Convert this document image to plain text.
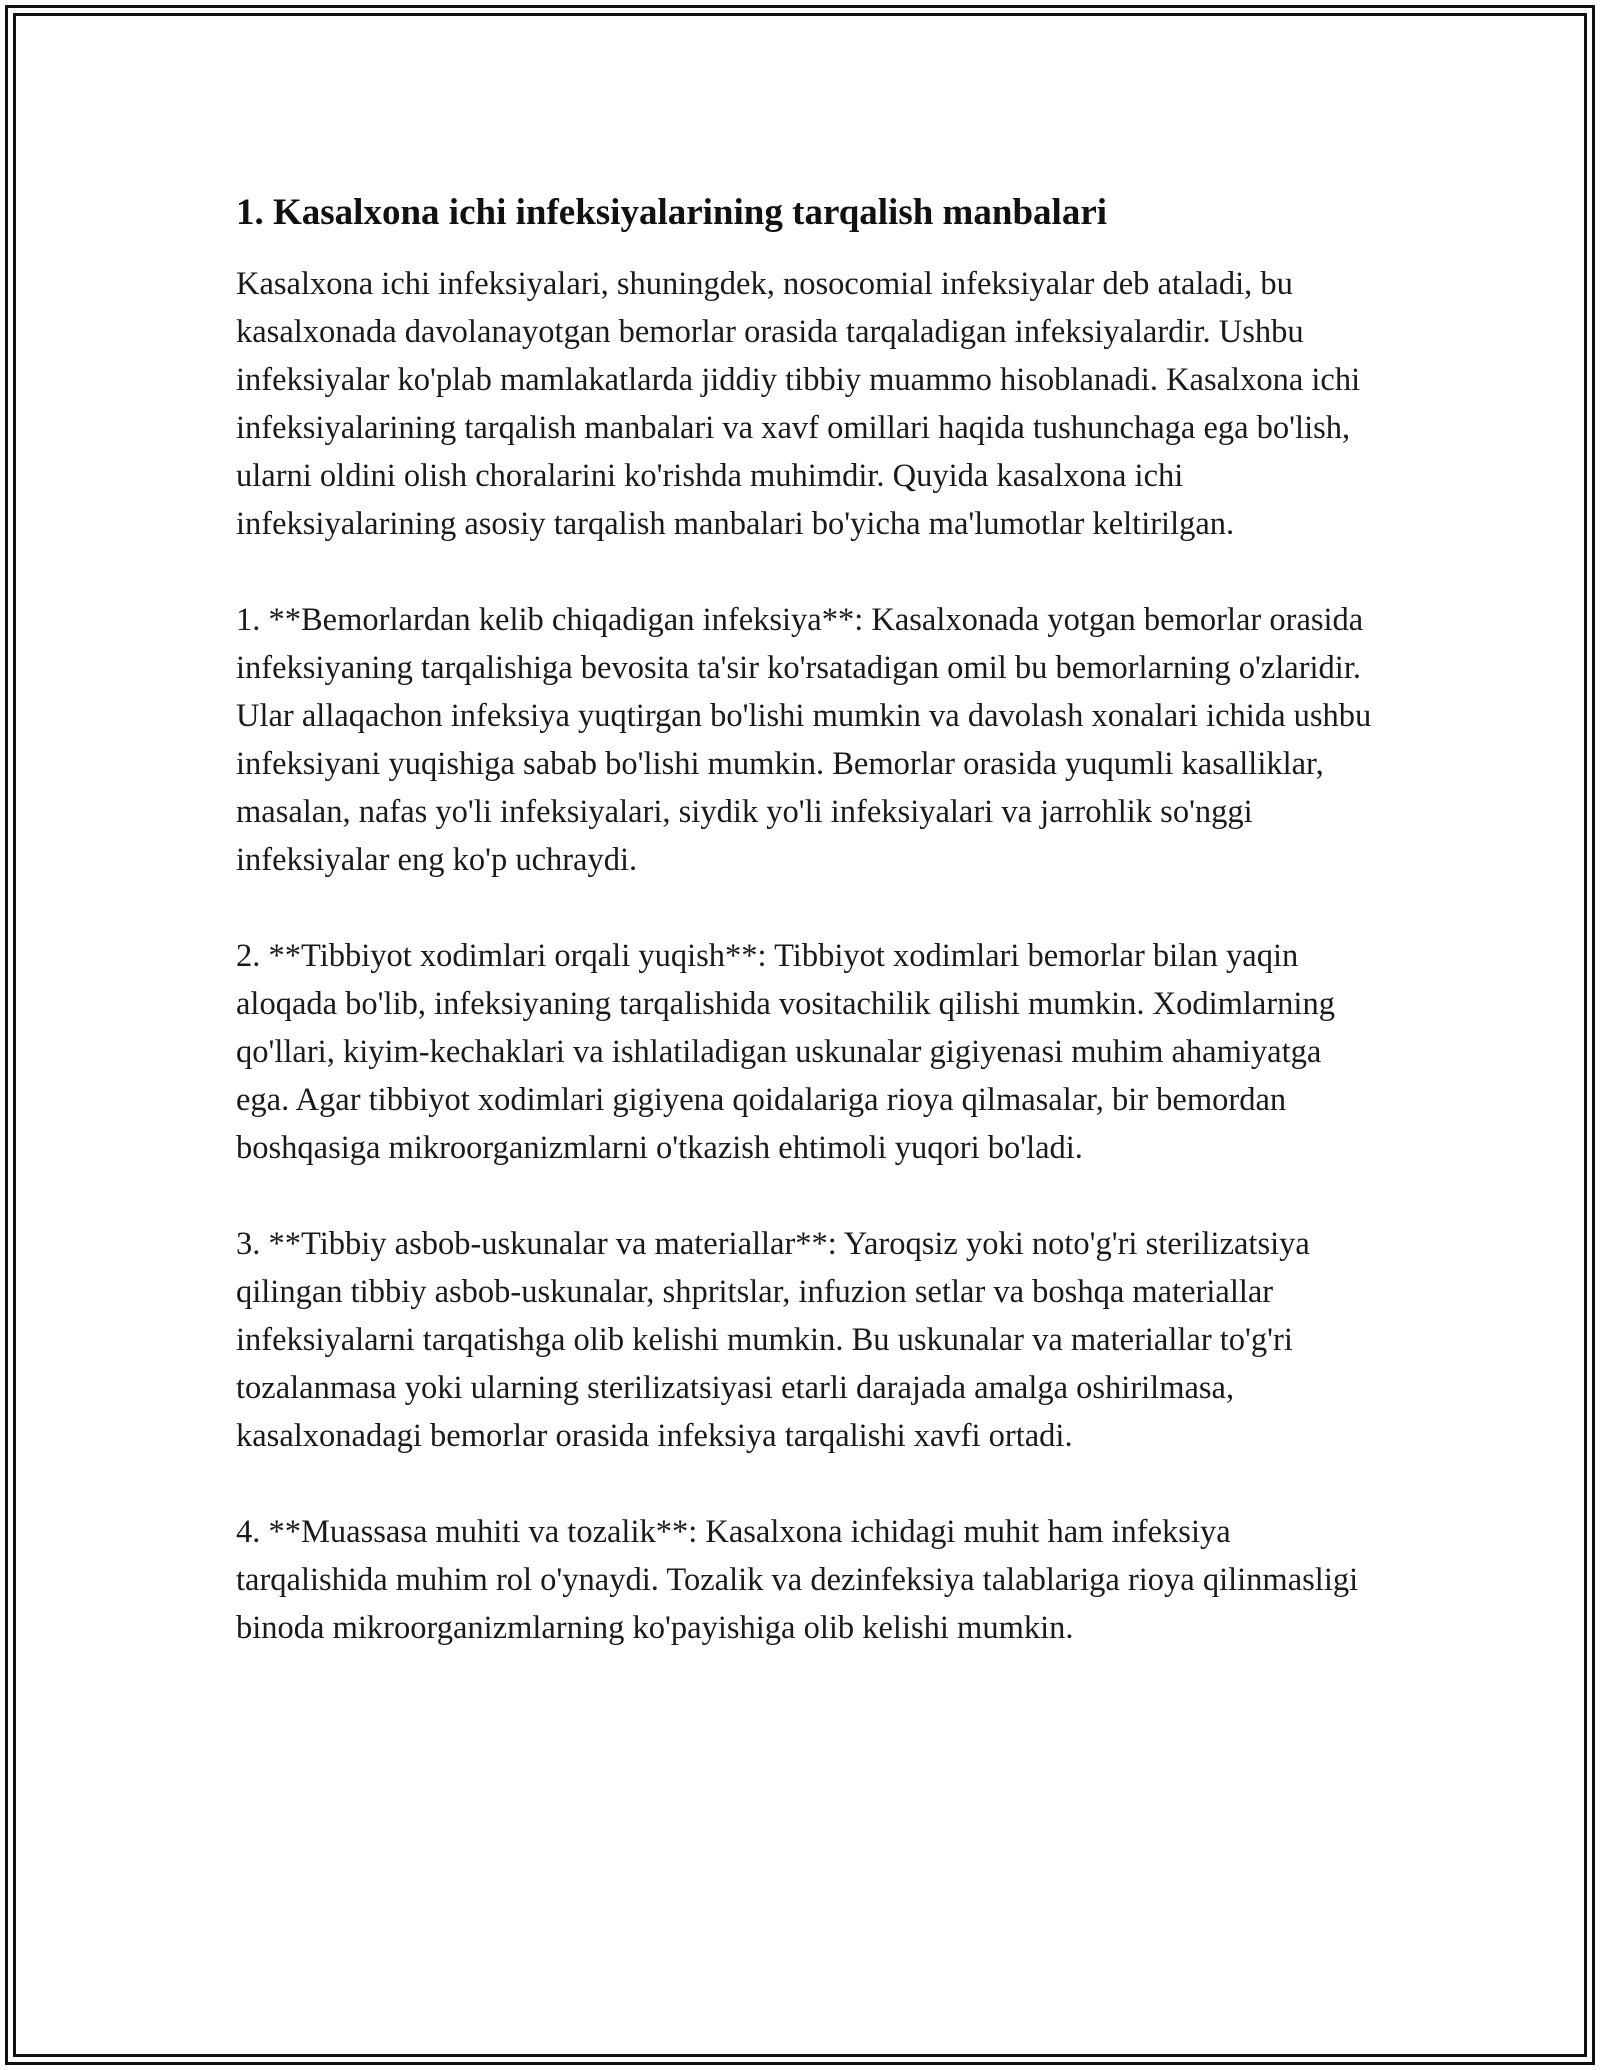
1. Kasalxona ichi infeksiyalarining tarqalish manbalari

Kasalxona ichi infeksiyalari, shuningdek, nosocomial infeksiyalar deb ataladi, bu kasalxonada davolanayotgan bemorlar orasida tarqaladigan infeksiyalardir. Ushbu infeksiyalar ko'plab mamlakatlarda jiddiy tibbiy muammo hisoblanadi. Kasalxona ichi infeksiyalarining tarqalish manbalari va xavf omillari haqida tushunchaga ega bo'lish, ularni oldini olish choralarini ko'rishda muhimdir. Quyida kasalxona ichi infeksiyalarining asosiy tarqalish manbalari bo'yicha ma'lumotlar keltirilgan.

1. **Bemorlardan kelib chiqadigan infeksiya**: Kasalxonada yotgan bemorlar orasida infeksiyaning tarqalishiga bevosita ta'sir ko'rsatadigan omil bu bemorlarning o'zlaridir. Ular allaqachon infeksiya yuqtirgan bo'lishi mumkin va davolash xonalari ichida ushbu infeksiyani yuqishiga sabab bo'lishi mumkin. Bemorlar orasida yuqumli kasalliklar, masalan, nafas yo'li infeksiyalari, siydik yo'li infeksiyalari va jarrohlik so'nggi infeksiyalar eng ko'p uchraydi.

2. **Tibbiyot xodimlari orqali yuqish**: Tibbiyot xodimlari bemorlar bilan yaqin aloqada bo'lib, infeksiyaning tarqalishida vositachilik qilishi mumkin. Xodimlarning qo'llari, kiyim-kechaklari va ishlatiladigan uskunalar gigiyenasi muhim ahamiyatga ega. Agar tibbiyot xodimlari gigiyena qoidalariga rioya qilmasalar, bir bemordan boshqasiga mikroorganizmlarni o'tkazish ehtimoli yuqori bo'ladi.

3. **Tibbiy asbob-uskunalar va materiallar**: Yaroqsiz yoki noto'g'ri sterilizatsiya qilingan tibbiy asbob-uskunalar, shpritslar, infuzion setlar va boshqa materiallar infeksiyalarni tarqatishga olib kelishi mumkin. Bu uskunalar va materiallar to'g'ri tozalanmasa yoki ularning sterilizatsiyasi etarli darajada amalga oshirilmasa, kasalxonadagi bemorlar orasida infeksiya tarqalishi xavfi ortadi.

4. **Muassasa muhiti va tozalik**: Kasalxona ichidagi muhit ham infeksiya tarqalishida muhim rol o'ynaydi. Tozalik va dezinfeksiya talablariga rioya qilinmasligi binoda mikroorganizmlarning ko'payishiga olib kelishi mumkin.
